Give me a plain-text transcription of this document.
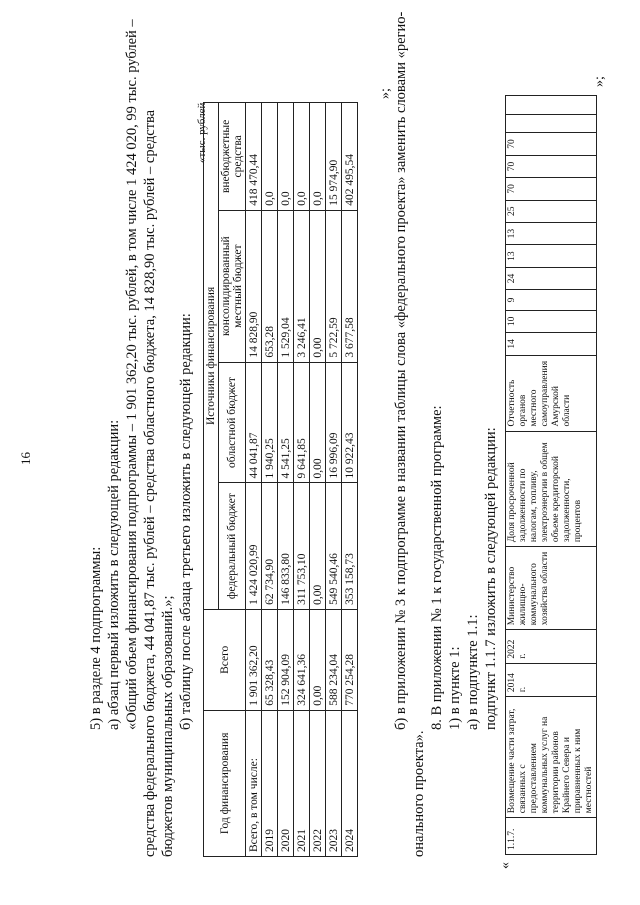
16
5) в разделе 4 подпрограммы: а) абзац первый изложить в следующей редакции: «Общий объем финансирования подпрограммы – 1 901 362,20 тыс. рублей, в том числе 1 424 020, 99 тыс. рублей – средства федерального бюджета, 44 041,87 тыс. рублей – средства областного бюджета, 14 828,90 тыс. рублей – средства бюджетов муниципальных образований.»; б) таблицу после абзаца третьего изложить в следующей редакции:
«тыс. рублей
Год финансирования	Всего	Источники финансирования			
		федеральный бюджет	областной бюджет	консолидированный местный бюджет	внебюджетные средства
Всего, в том числе:	1 901 362,20	1 424 020,99	44 041,87	14 828,90	418 470,44
2019	65 328,43	62 734,90	1 940,25	653,28	0,0
2020	152 904,09	146 833,80	4 541,25	1 529,04	0,0
2021	324 641,36	311 753,10	9 641,85	3 246,41	0,0
2022	0,00	0,00	0,00	0,00	0,0
2023	588 234,04	549 540,46	16 996,09	5 722,59	15 974,90
2024	770 254,28	353 158,73	10 922,43	3 677,58	402 495,54
»; б) в приложении № 3 к подпрограмме в названии таблицы слова «федерального проекта» заменить словами «регио-
онального проекта».
8. В приложении № 1 к государственной программе: 1) в пункте 1: а) в подпункте 1.1: подпункт 1.1.7 изложить в следующей редакции:
«
1.1.7.	Возмещение части затрат, связанных с предоставлением коммунальных услуг на территории районов Крайнего Севера и приравненных к ним местностей	2014 г.	2022 г.	Министерство жилищно-коммунального хозяйства области	Доля просроченной задолженности по налогам, топливу, электроэнергии в общем объеме кредиторской задолженности, процентов	Отчетность органов местного самоуправления Амурской области	14	10	9	24	13	13	25	70	70	70		
»;
